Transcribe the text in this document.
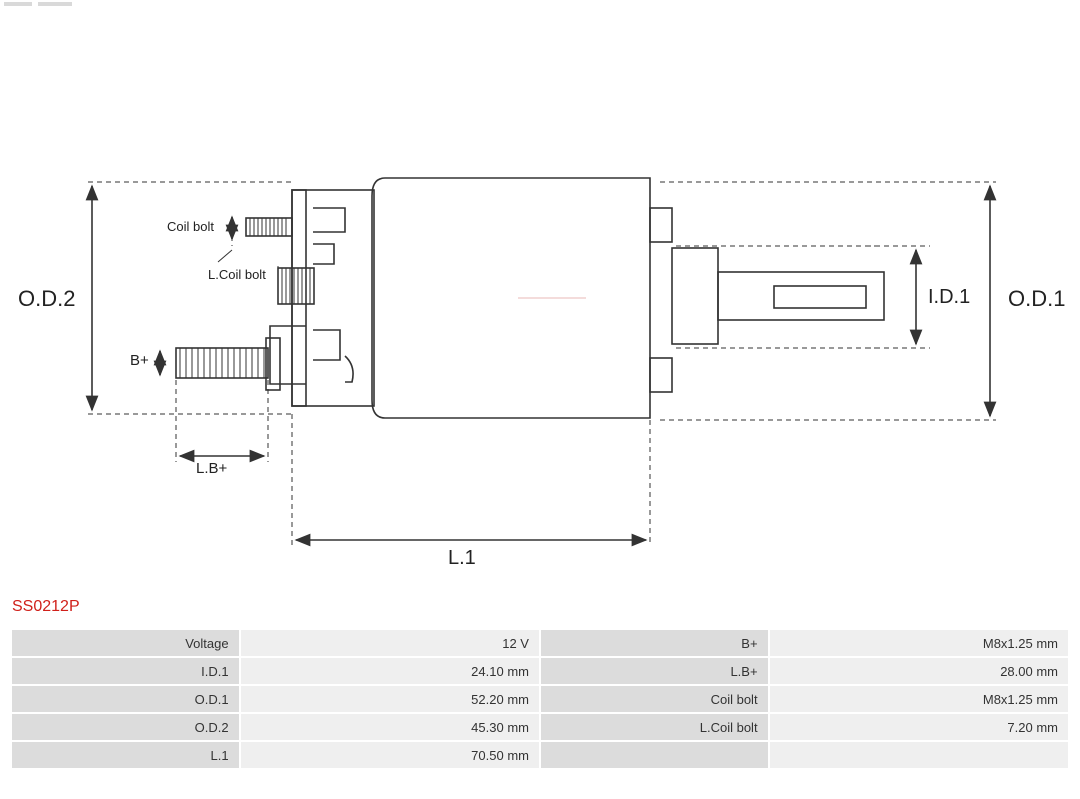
O.D.2	O.D.1
I.D.1
L.1
L.B+
B+
Coil bolt
L.Coil bolt
SS0212P
Voltage	12 V	B+	M8x1.25 mm
I.D.1	24.10 mm	L.B+	28.00 mm
O.D.1	52.20 mm	Coil bolt	M8x1.25 mm
O.D.2	45.30 mm	L.Coil bolt	7.20 mm
L.1	70.50 mm		
